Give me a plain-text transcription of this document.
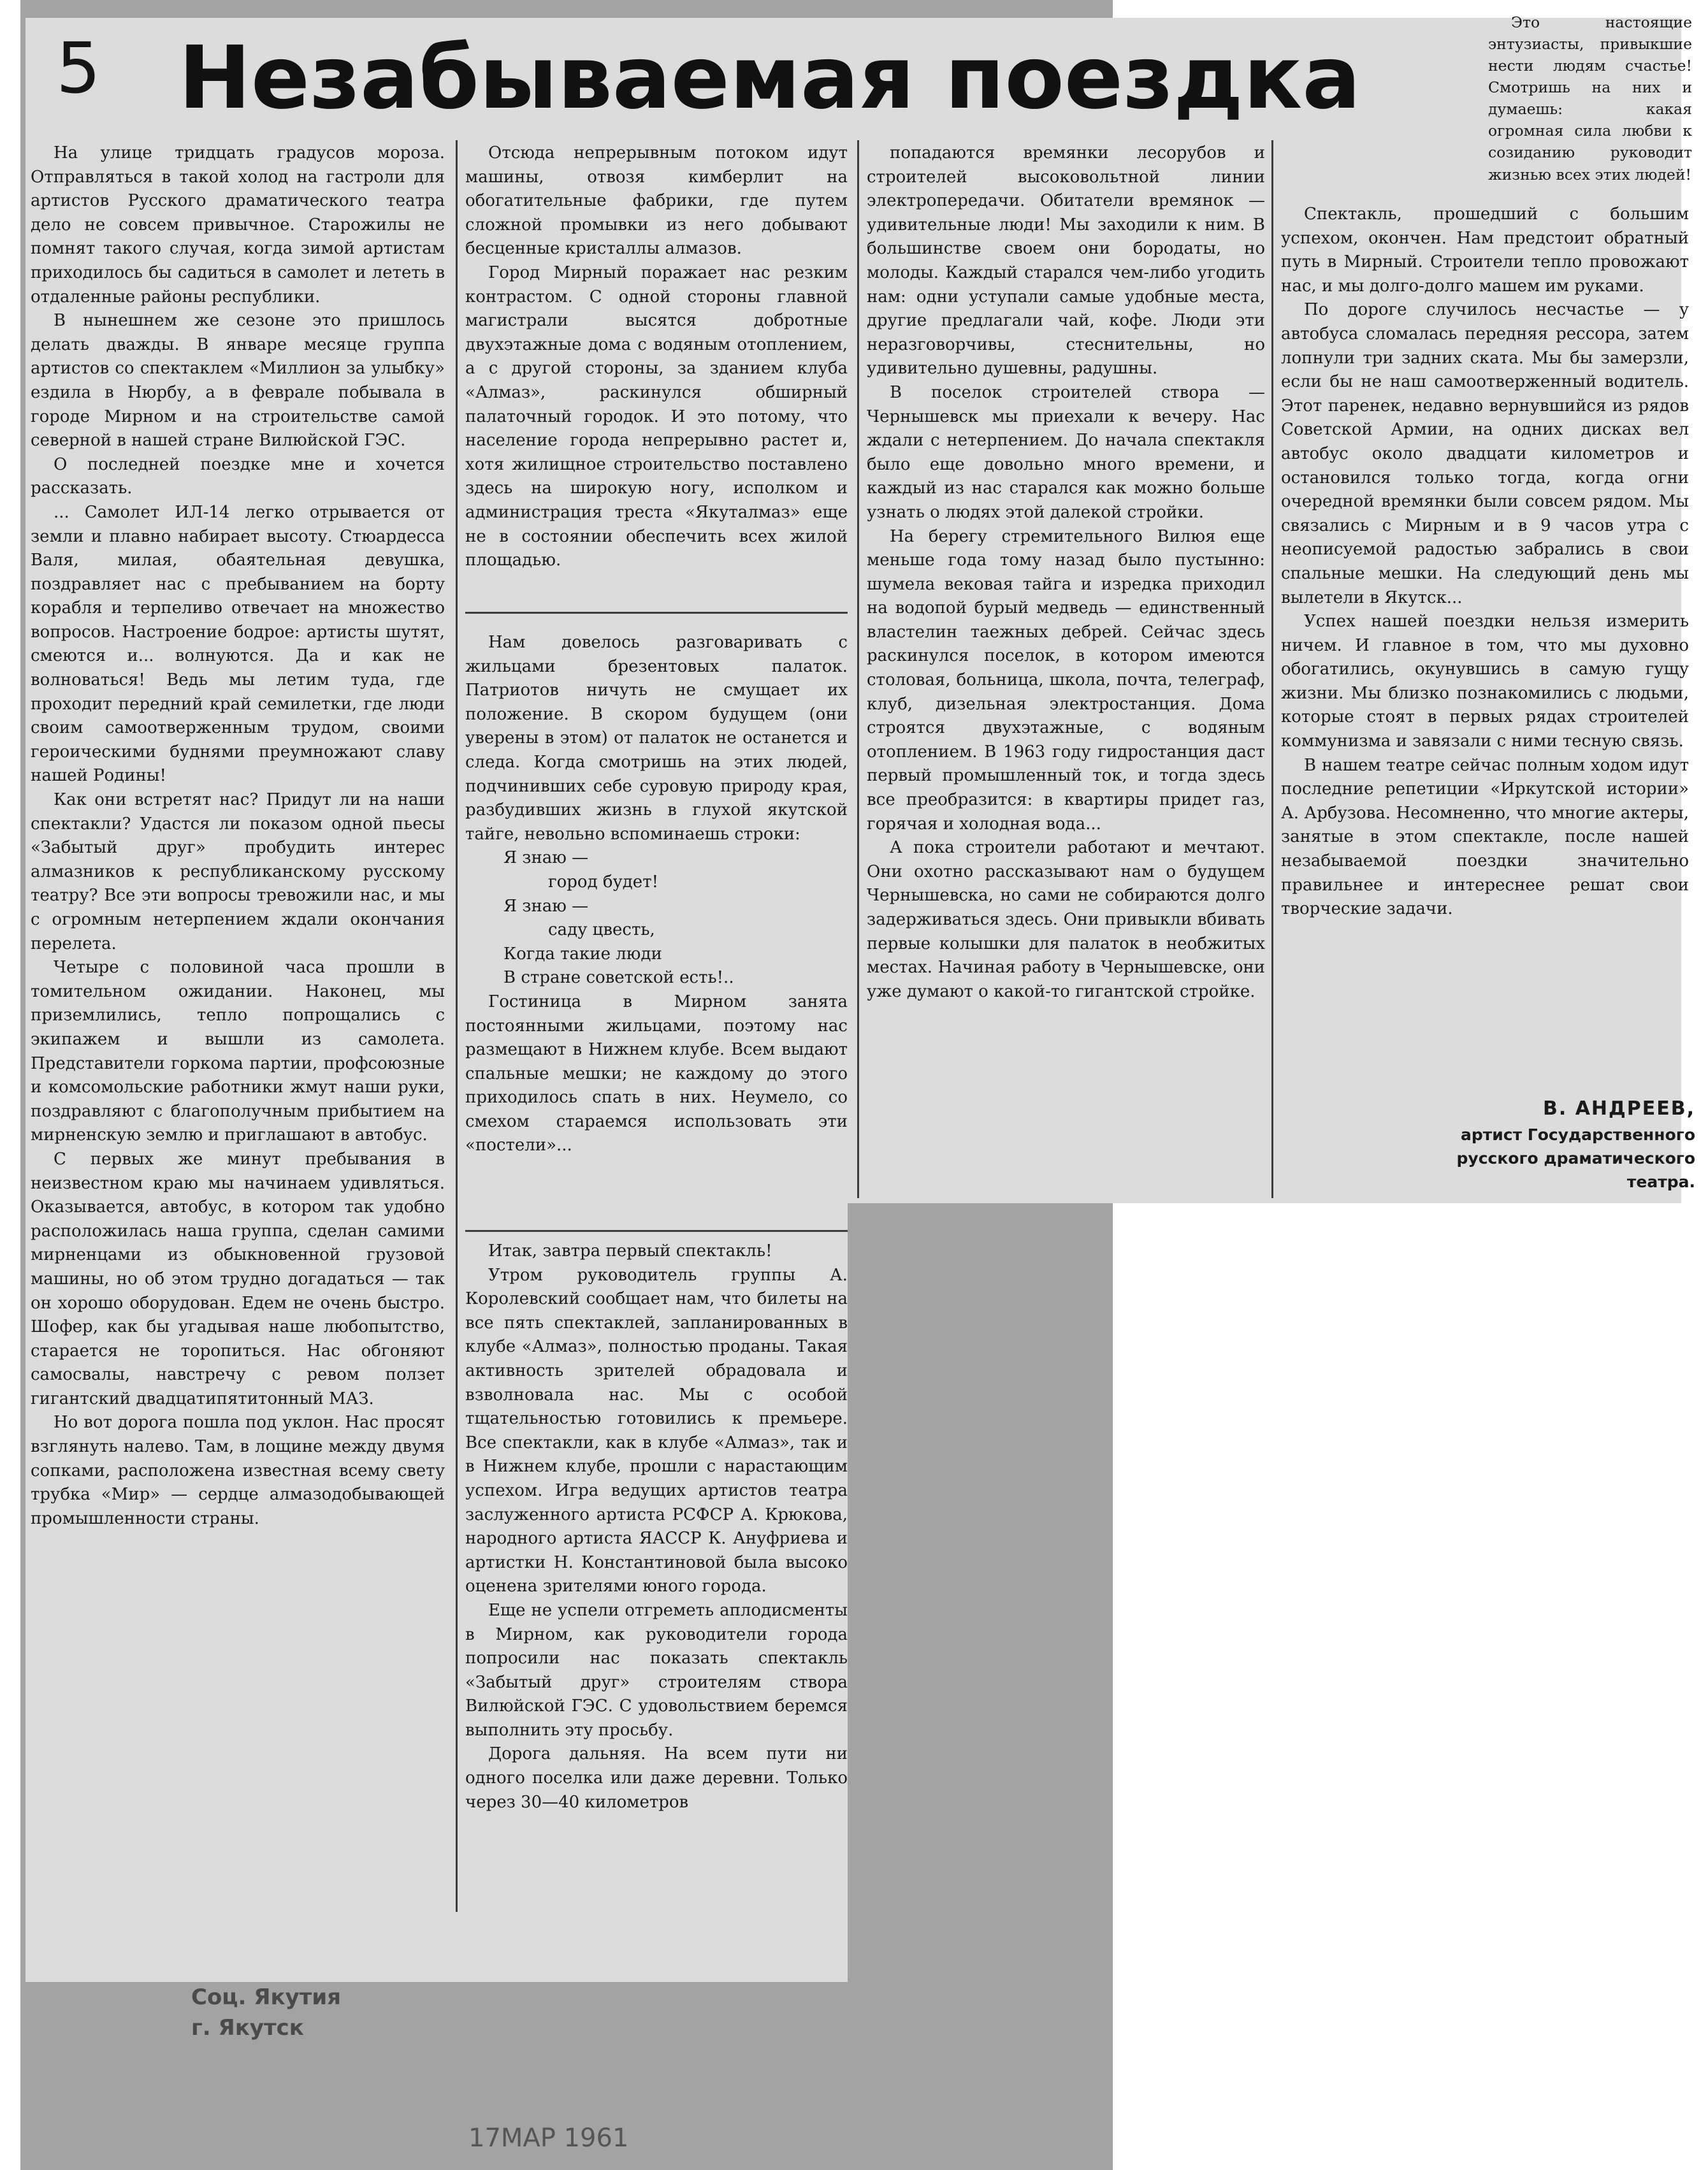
5 Незабываемая поездка

На улице тридцать градусов мороза. Отправляться в такой холод на гастроли для артистов Русского драматического театра дело не совсем привычное. Старожилы не помнят такого случая, когда зимой артистам приходилось бы садиться в самолет и лететь в отдаленные районы республики.

В нынешнем же сезоне это пришлось делать дважды. В январе месяце группа артистов со спектаклем «Миллион за улыбку» ездила в Нюрбу, а в феврале побывала в городе Мирном и на строительстве самой северной в нашей стране Вилюйской ГЭС.

О последней поездке мне и хочется рассказать.

... Самолет ИЛ-14 легко отрывается от земли и плавно набирает высоту. Стюардесса Валя, милая, обаятельная девушка, поздравляет нас с пребыванием на борту корабля и терпеливо отвечает на множество вопросов. Настроение бодрое: артисты шутят, смеются и... волнуются. Да и как не волноваться! Ведь мы летим туда, где проходит передний край семилетки, где люди своим самоотверженным трудом, своими героическими буднями преумножают славу нашей Родины!

Как они встретят нас? Придут ли на наши спектакли? Удастся ли показом одной пьесы «Забытый друг» пробудить интерес алмазников к республиканскому русскому театру? Все эти вопросы тревожили нас, и мы с огромным нетерпением ждали окончания перелета.

Четыре с половиной часа прошли в томительном ожидании. Наконец, мы приземлились, тепло попрощались с экипажем и вышли из самолета. Представители горкома партии, профсоюзные и комсомольские работники жмут наши руки, поздравляют с благополучным прибытием на мирненскую землю и приглашают в автобус.

С первых же минут пребывания в неизвестном краю мы начинаем удивляться. Оказывается, автобус, в котором так удобно расположилась наша группа, сделан самими мирненцами из обыкновенной грузовой машины, но об этом трудно догадаться — так он хорошо оборудован. Едем не очень быстро. Шофер, как бы угадывая наше любопытство, старается не торопиться. Нас обгоняют самосвалы, навстречу с ревом ползет гигантский двадцатипятитонный МАЗ.

Но вот дорога пошла под уклон. Нас просят взглянуть налево. Там, в лощине между двумя сопками, расположена известная всему свету трубка «Мир» — сердце алмазодобывающей промышленности страны.

Отсюда непрерывным потоком идут машины, отвозя кимберлит на обогатительные фабрики, где путем сложной промывки из него добывают бесценные кристаллы алмазов.

Город Мирный поражает нас резким контрастом. С одной стороны главной магистрали высятся добротные двухэтажные дома с водяным отоплением, а с другой стороны, за зданием клуба «Алмаз», раскинулся обширный палаточный городок. И это потому, что население города непрерывно растет и, хотя жилищное строительство поставлено здесь на широкую ногу, исполком и администрация треста «Якуталмаз» еще не в состоянии обеспечить всех жилой площадью.

Нам довелось разговаривать с жильцами брезентовых палаток. Патриотов ничуть не смущает их положение. В скором будущем (они уверены в этом) от палаток не останется и следа. Когда смотришь на этих людей, подчинивших себе суровую природу края, разбудивших жизнь в глухой якутской тайге, невольно вспоминаешь строки:

Я знаю —
город будет!
Я знаю —
саду цвесть,
Когда такие люди
В стране советской есть!..

Гостиница в Мирном занята постоянными жильцами, поэтому нас размещают в Нижнем клубе. Всем выдают спальные мешки; не каждому до этого приходилось спать в них. Неумело, со смехом стараемся использовать эти «постели»...

Итак, завтра первый спектакль!

Утром руководитель группы А. Королевский сообщает нам, что билеты на все пять спектаклей, запланированных в клубе «Алмаз», полностью проданы. Такая активность зрителей обрадовала и взволновала нас. Мы с особой тщательностью готовились к премьере. Все спектакли, как в клубе «Алмаз», так и в Нижнем клубе, прошли с нарастающим успехом. Игра ведущих артистов театра заслуженного артиста РСФСР А. Крюкова, народного артиста ЯАССР К. Ануфриева и артистки Н. Константиновой была высоко оценена зрителями юного города.

Еще не успели отгреметь аплодисменты в Мирном, как руководители города попросили нас показать спектакль «Забытый друг» строителям створа Вилюйской ГЭС. С удовольствием беремся выполнить эту просьбу.

Дорога дальняя. На всем пути ни одного поселка или даже деревни. Только через 30—40 километров

попадаются времянки лесорубов и строителей высоковольтной линии электропередачи. Обитатели времянок — удивительные люди! Мы заходили к ним. В большинстве своем они бородаты, но молоды. Каждый старался чем-либо угодить нам: одни уступали самые удобные места, другие предлагали чай, кофе. Люди эти неразговорчивы, стеснительны, но удивительно душевны, радушны.

В поселок строителей створа — Чернышевск мы приехали к вечеру. Нас ждали с нетерпением. До начала спектакля было еще довольно много времени, и каждый из нас старался как можно больше узнать о людях этой далекой стройки.

На берегу стремительного Вилюя еще меньше года тому назад было пустынно: шумела вековая тайга и изредка приходил на водопой бурый медведь — единственный властелин таежных дебрей. Сейчас здесь раскинулся поселок, в котором имеются столовая, больница, школа, почта, телеграф, клуб, дизельная электростанция. Дома строятся двухэтажные, с водяным отоплением. В 1963 году гидростанция даст первый промышленный ток, и тогда здесь все преобразится: в квартиры придет газ, горячая и холодная вода...

А пока строители работают и мечтают. Они охотно рассказывают нам о будущем Чернышевска, но сами не собираются долго задерживаться здесь. Они привыкли вбивать первые колышки для палаток в необжитых местах. Начиная работу в Чернышевске, они уже думают о какой-то гигантской стройке.

Это настоящие энтузиасты, привыкшие нести людям счастье! Смотришь на них и думаешь: какая огромная сила любви к созиданию руководит жизнью всех этих людей!

Спектакль, прошедший с большим успехом, окончен. Нам предстоит обратный путь в Мирный. Строители тепло провожают нас, и мы долго-долго машем им руками.

По дороге случилось несчастье — у автобуса сломалась передняя рессора, затем лопнули три задних ската. Мы бы замерзли, если бы не наш самоотверженный водитель. Этот паренек, недавно вернувшийся из рядов Советской Армии, на одних дисках вел автобус около двадцати километров и остановился только тогда, когда огни очередной времянки были совсем рядом. Мы связались с Мирным и в 9 часов утра с неописуемой радостью забрались в свои спальные мешки. На следующий день мы вылетели в Якутск...

Успех нашей поездки нельзя измерить ничем. И главное в том, что мы духовно обогатились, окунувшись в самую гущу жизни. Мы близко познакомились с людьми, которые стоят в первых рядах строителей коммунизма и завязали с ними тесную связь.

В нашем театре сейчас полным ходом идут последние репетиции «Иркутской истории» А. Арбузова. Несомненно, что многие актеры, занятые в этом спектакле, после нашей незабываемой поездки значительно правильнее и интереснее решат свои творческие задачи.

В. АНДРЕЕВ,
артист Государственного
русского драматического
театра.
Соц. Якутия
г. Якутск
17МАР 1961
